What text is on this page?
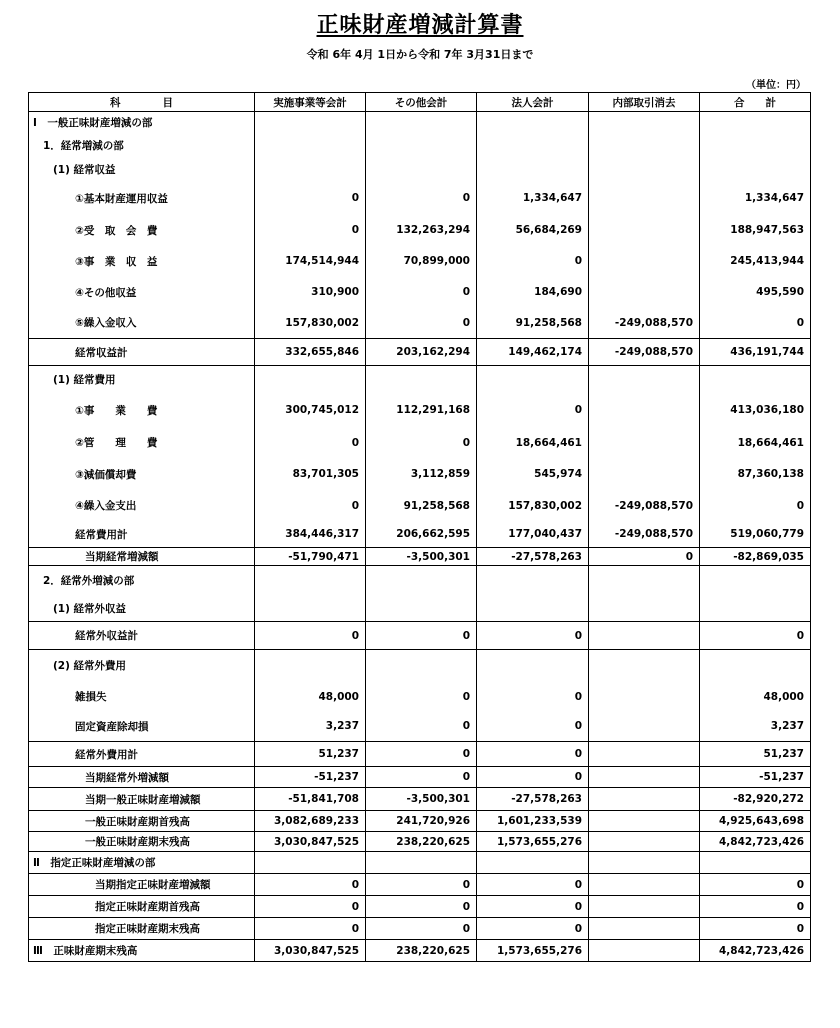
正味財産増減計算書
令和 6年 4月 1日から令和 7年 3月31日まで
（単位：円）
科　　　　目	実施事業等会計	その他会計	法人会計	内部取引消去	合　　計
Ⅰ　一般正味財産増減の部					
1．経常増減の部					
(1) 経常収益					
①基本財産運用収益	0	0	1,334,647		1,334,647
②受　取　会　費	0	132,263,294	56,684,269		188,947,563
③事　業　収　益	174,514,944	70,899,000	0		245,413,944
④その他収益	310,900	0	184,690		495,590
⑤繰入金収入	157,830,002	0	91,258,568	-249,088,570	0
経常収益計	332,655,846	203,162,294	149,462,174	-249,088,570	436,191,744
(1) 経常費用					
①事　　業　　費	300,745,012	112,291,168	0		413,036,180
②管　　理　　費	0	0	18,664,461		18,664,461
③減価償却費	83,701,305	3,112,859	545,974		87,360,138
④繰入金支出	0	91,258,568	157,830,002	-249,088,570	0
経常費用計	384,446,317	206,662,595	177,040,437	-249,088,570	519,060,779
当期経常増減額	-51,790,471	-3,500,301	-27,578,263	0	-82,869,035
2．経常外増減の部					
(1) 経常外収益					
経常外収益計	0	0	0		0
(2) 経常外費用					
雑損失	48,000	0	0		48,000
固定資産除却損	3,237	0	0		3,237
経常外費用計	51,237	0	0		51,237
当期経常外増減額	-51,237	0	0		-51,237
当期一般正味財産増減額	-51,841,708	-3,500,301	-27,578,263		-82,920,272
一般正味財産期首残高	3,082,689,233	241,720,926	1,601,233,539		4,925,643,698
一般正味財産期末残高	3,030,847,525	238,220,625	1,573,655,276		4,842,723,426
Ⅱ　指定正味財産増減の部					
当期指定正味財産増減額	0	0	0		0
指定正味財産期首残高	0	0	0		0
指定正味財産期末残高	0	0	0		0
Ⅲ　正味財産期末残高	3,030,847,525	238,220,625	1,573,655,276		4,842,723,426
